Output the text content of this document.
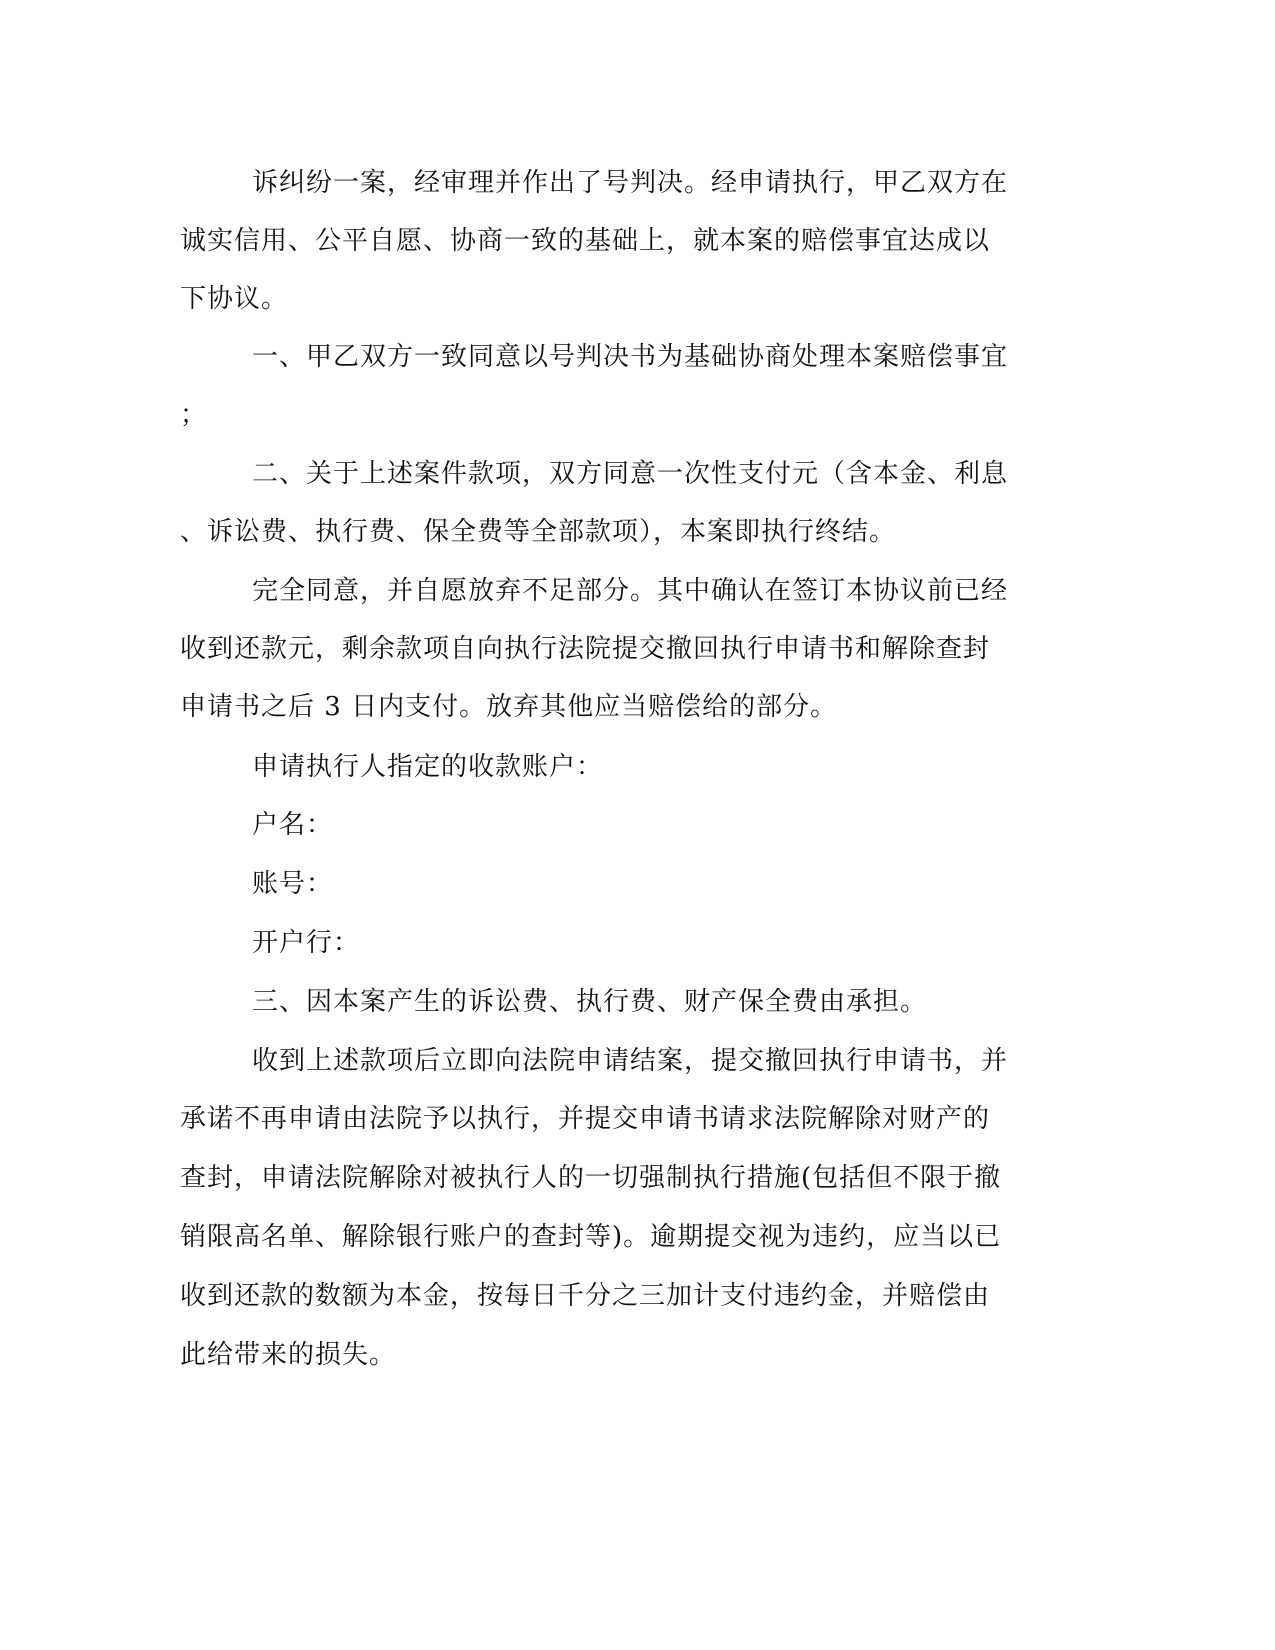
诉纠纷一案，经审理并作出了号判决。经申请执行，甲乙双方在

诚实信用、公平自愿、协商一致的基础上，就本案的赔偿事宜达成以

下协议。

一、甲乙双方一致同意以号判决书为基础协商处理本案赔偿事宜

；

二、关于上述案件款项，双方同意一次性支付元（含本金、利息

、诉讼费、执行费、保全费等全部款项），本案即执行终结。

完全同意，并自愿放弃不足部分。其中确认在签订本协议前已经

收到还款元，剩余款项自向执行法院提交撤回执行申请书和解除查封

申请书之后 3 日内支付。放弃其他应当赔偿给的部分。

申请执行人指定的收款账户：

户名：

账号：

开户行：

三、因本案产生的诉讼费、执行费、财产保全费由承担。

收到上述款项后立即向法院申请结案，提交撤回执行申请书，并

承诺不再申请由法院予以执行，并提交申请书请求法院解除对财产的

查封，申请法院解除对被执行人的一切强制执行措施(包括但不限于撤

销限高名单、解除银行账户的查封等)。逾期提交视为违约，应当以已

收到还款的数额为本金，按每日千分之三加计支付违约金，并赔偿由

此给带来的损失。
